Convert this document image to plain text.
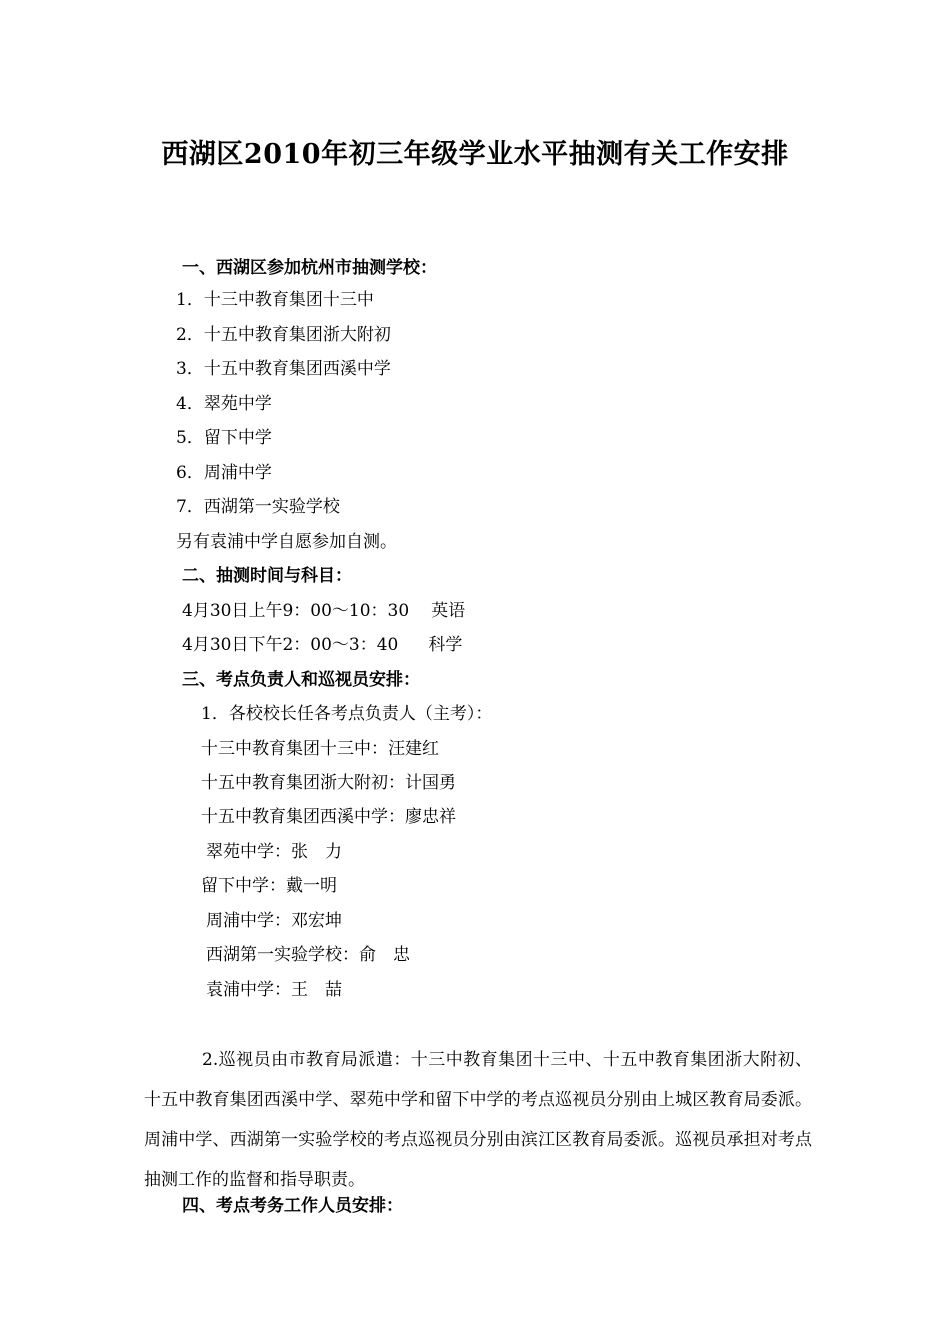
西湖区2010年初三年级学业水平抽测有关工作安排
一、西湖区参加杭州市抽测学校：
1．十三中教育集团十三中
2．十五中教育集团浙大附初
3．十五中教育集团西溪中学
4．翠苑中学
5．留下中学
6．周浦中学
7．西湖第一实验学校
另有袁浦中学自愿参加自测。
二、抽测时间与科目：
4月30日上午9：00～10：30 英语
4月30日下午2：00～3：40 科学
三、考点负责人和巡视员安排：
1．各校校长任各考点负责人（主考）：
十三中教育集团十三中：汪建红
十五中教育集团浙大附初：计国勇
十五中教育集团西溪中学：廖忠祥
翠苑中学：张　力
留下中学：戴一明
周浦中学：邓宏坤
西湖第一实验学校：俞　忠
袁浦中学：王　喆
2.巡视员由市教育局派遣：十三中教育集团十三中、十五中教育集团浙大附初、十五中教育集团西溪中学、翠苑中学和留下中学的考点巡视员分别由上城区教育局委派。周浦中学、西湖第一实验学校的考点巡视员分别由滨江区教育局委派。巡视员承担对考点抽测工作的监督和指导职责。
四、考点考务工作人员安排：
